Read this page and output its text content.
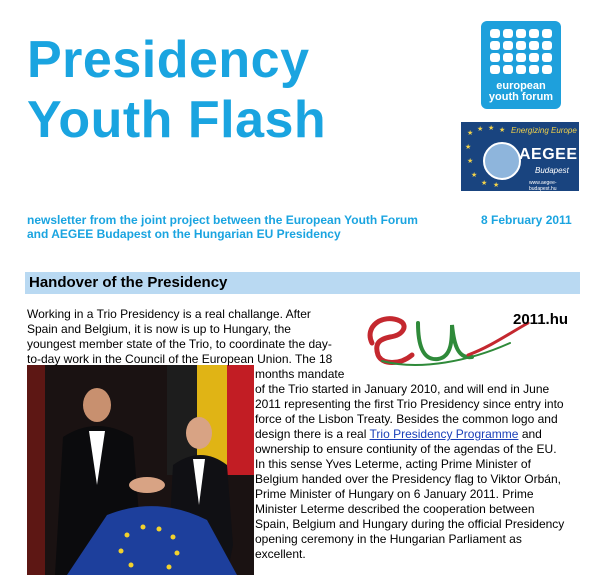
Presidency
Youth Flash
european
youth forum
★
★ ★ ★
★
★
★
★ ★
Energizing Europe
AEGEE
Budapest
www.aegee-budapest.hu

newsletter from the joint project between the European Youth Forum
and AEGEE Budapest on the Hungarian EU Presidency

8 February 2011
Handover of the Presidency
2011.hu
Working in a Trio Presidency is a real challange. After
Spain and Belgium, it is now is up to Hungary, the
youngest member state of the Trio, to coordinate the day-
to-day work in the Council of the European Union. The 18
months mandate
of the Trio started in January 2010, and will end in June
2011 representing the first Trio Presidency since entry into
force of the Lisbon Treaty. Besides the common logo and
design there is a real Trio Presidency Programme and
ownership to ensure contiunity of the agendas of the EU.
In this sense Yves Leterme, acting Prime Minister of
Belgium handed over the Presidency flag to Viktor Orbán,
Prime Minister of Hungary on 6 January 2011. Prime
Minister Leterme described the cooperation between
Spain, Belgium and Hungary during the official Presidency
opening ceremony in the Hungarian Parliament as
excellent.
